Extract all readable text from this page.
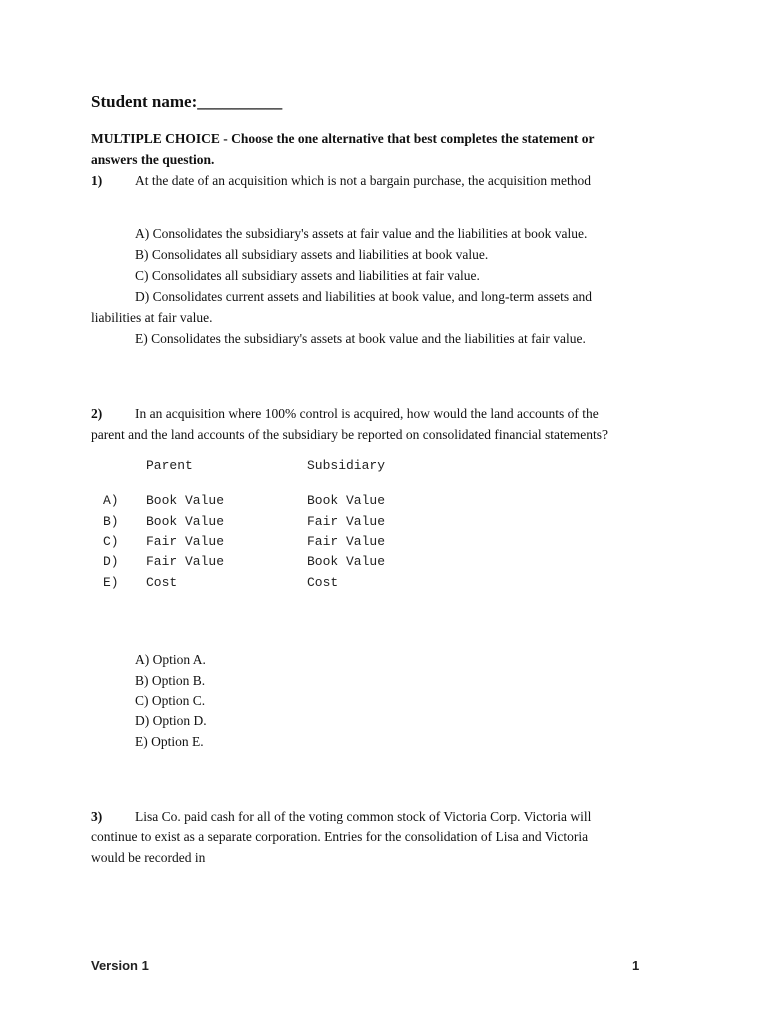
Student name:__________
MULTIPLE CHOICE - Choose the one alternative that best completes the statement or
answers the question.
1) At the date of an acquisition which is not a bargain purchase, the acquisition method
A) Consolidates the subsidiary's assets at fair value and the liabilities at book value.
B) Consolidates all subsidiary assets and liabilities at book value.
C) Consolidates all subsidiary assets and liabilities at fair value.
D) Consolidates current assets and liabilities at book value, and long-term assets and
liabilities at fair value.
E) Consolidates the subsidiary's assets at book value and the liabilities at fair value.
2) In an acquisition where 100% control is acquired, how would the land accounts of the
parent and the land accounts of the subsidiary be reported on consolidated financial statements?
Parent	Subsidiary
A) Book Value	Book Value
B) Book Value	Fair Value
C) Fair Value	Fair Value
D) Fair Value	Book Value
E) Cost	Cost
A) Option A.
B) Option B.
C) Option C.
D) Option D.
E) Option E.
3) Lisa Co. paid cash for all of the voting common stock of Victoria Corp. Victoria will
continue to exist as a separate corporation. Entries for the consolidation of Lisa and Victoria
would be recorded in
Version 1	1
